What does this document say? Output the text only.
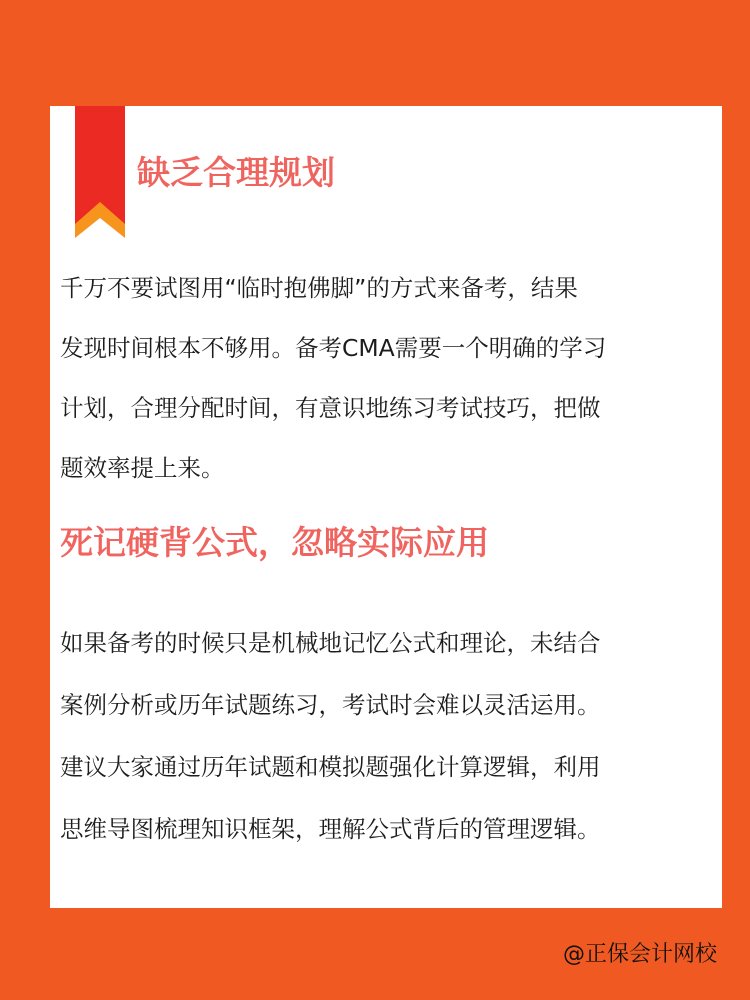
缺乏合理规划

千万不要试图用“临时抱佛脚”的方式来备考，结果
发现时间根本不够用。备考CMA需要一个明确的学习
计划，合理分配时间，有意识地练习考试技巧，把做
题效率提上来。

死记硬背公式，忽略实际应用

如果备考的时候只是机械地记忆公式和理论，未结合
案例分析或历年试题练习，考试时会难以灵活运用。
建议大家通过历年试题和模拟题强化计算逻辑，利用
思维导图梳理知识框架，理解公式背后的管理逻辑。

@正保会计网校
